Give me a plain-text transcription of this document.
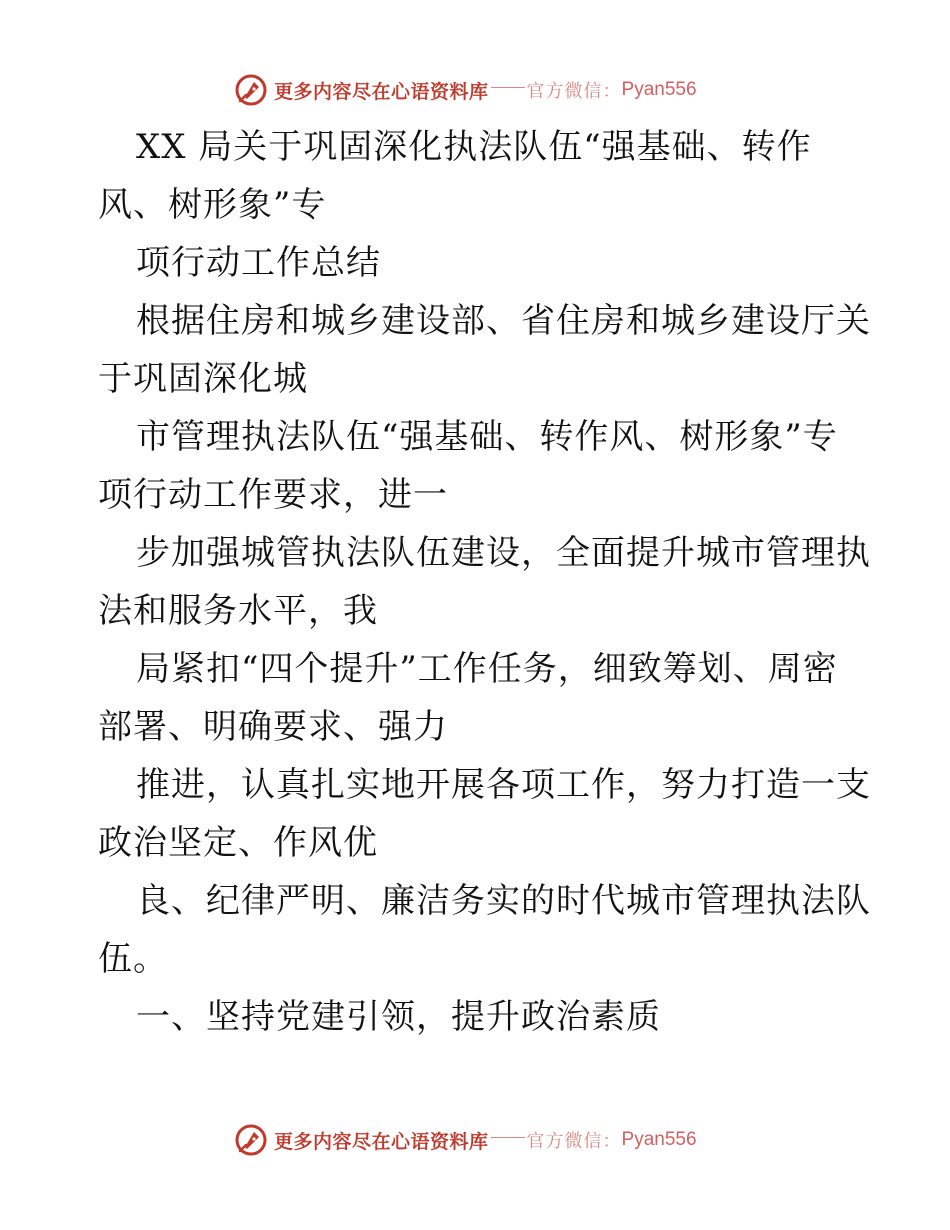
更多内容尽在心语资料库 官方微信： Pyan556

XX 局关于巩固深化执法队伍“强基础、转作

风、树形象”专

项行动工作总结

根据住房和城乡建设部、省住房和城乡建设厅关

于巩固深化城

市管理执法队伍“强基础、转作风、树形象”专

项行动工作要求，进一

步加强城管执法队伍建设，全面提升城市管理执

法和服务水平，我

局紧扣“四个提升”工作任务，细致筹划、周密

部署、明确要求、强力

推进，认真扎实地开展各项工作，努力打造一支

政治坚定、作风优

良、纪律严明、廉洁务实的时代城市管理执法队

伍。

一、坚持党建引领，提升政治素质

更多内容尽在心语资料库 官方微信： Pyan556
